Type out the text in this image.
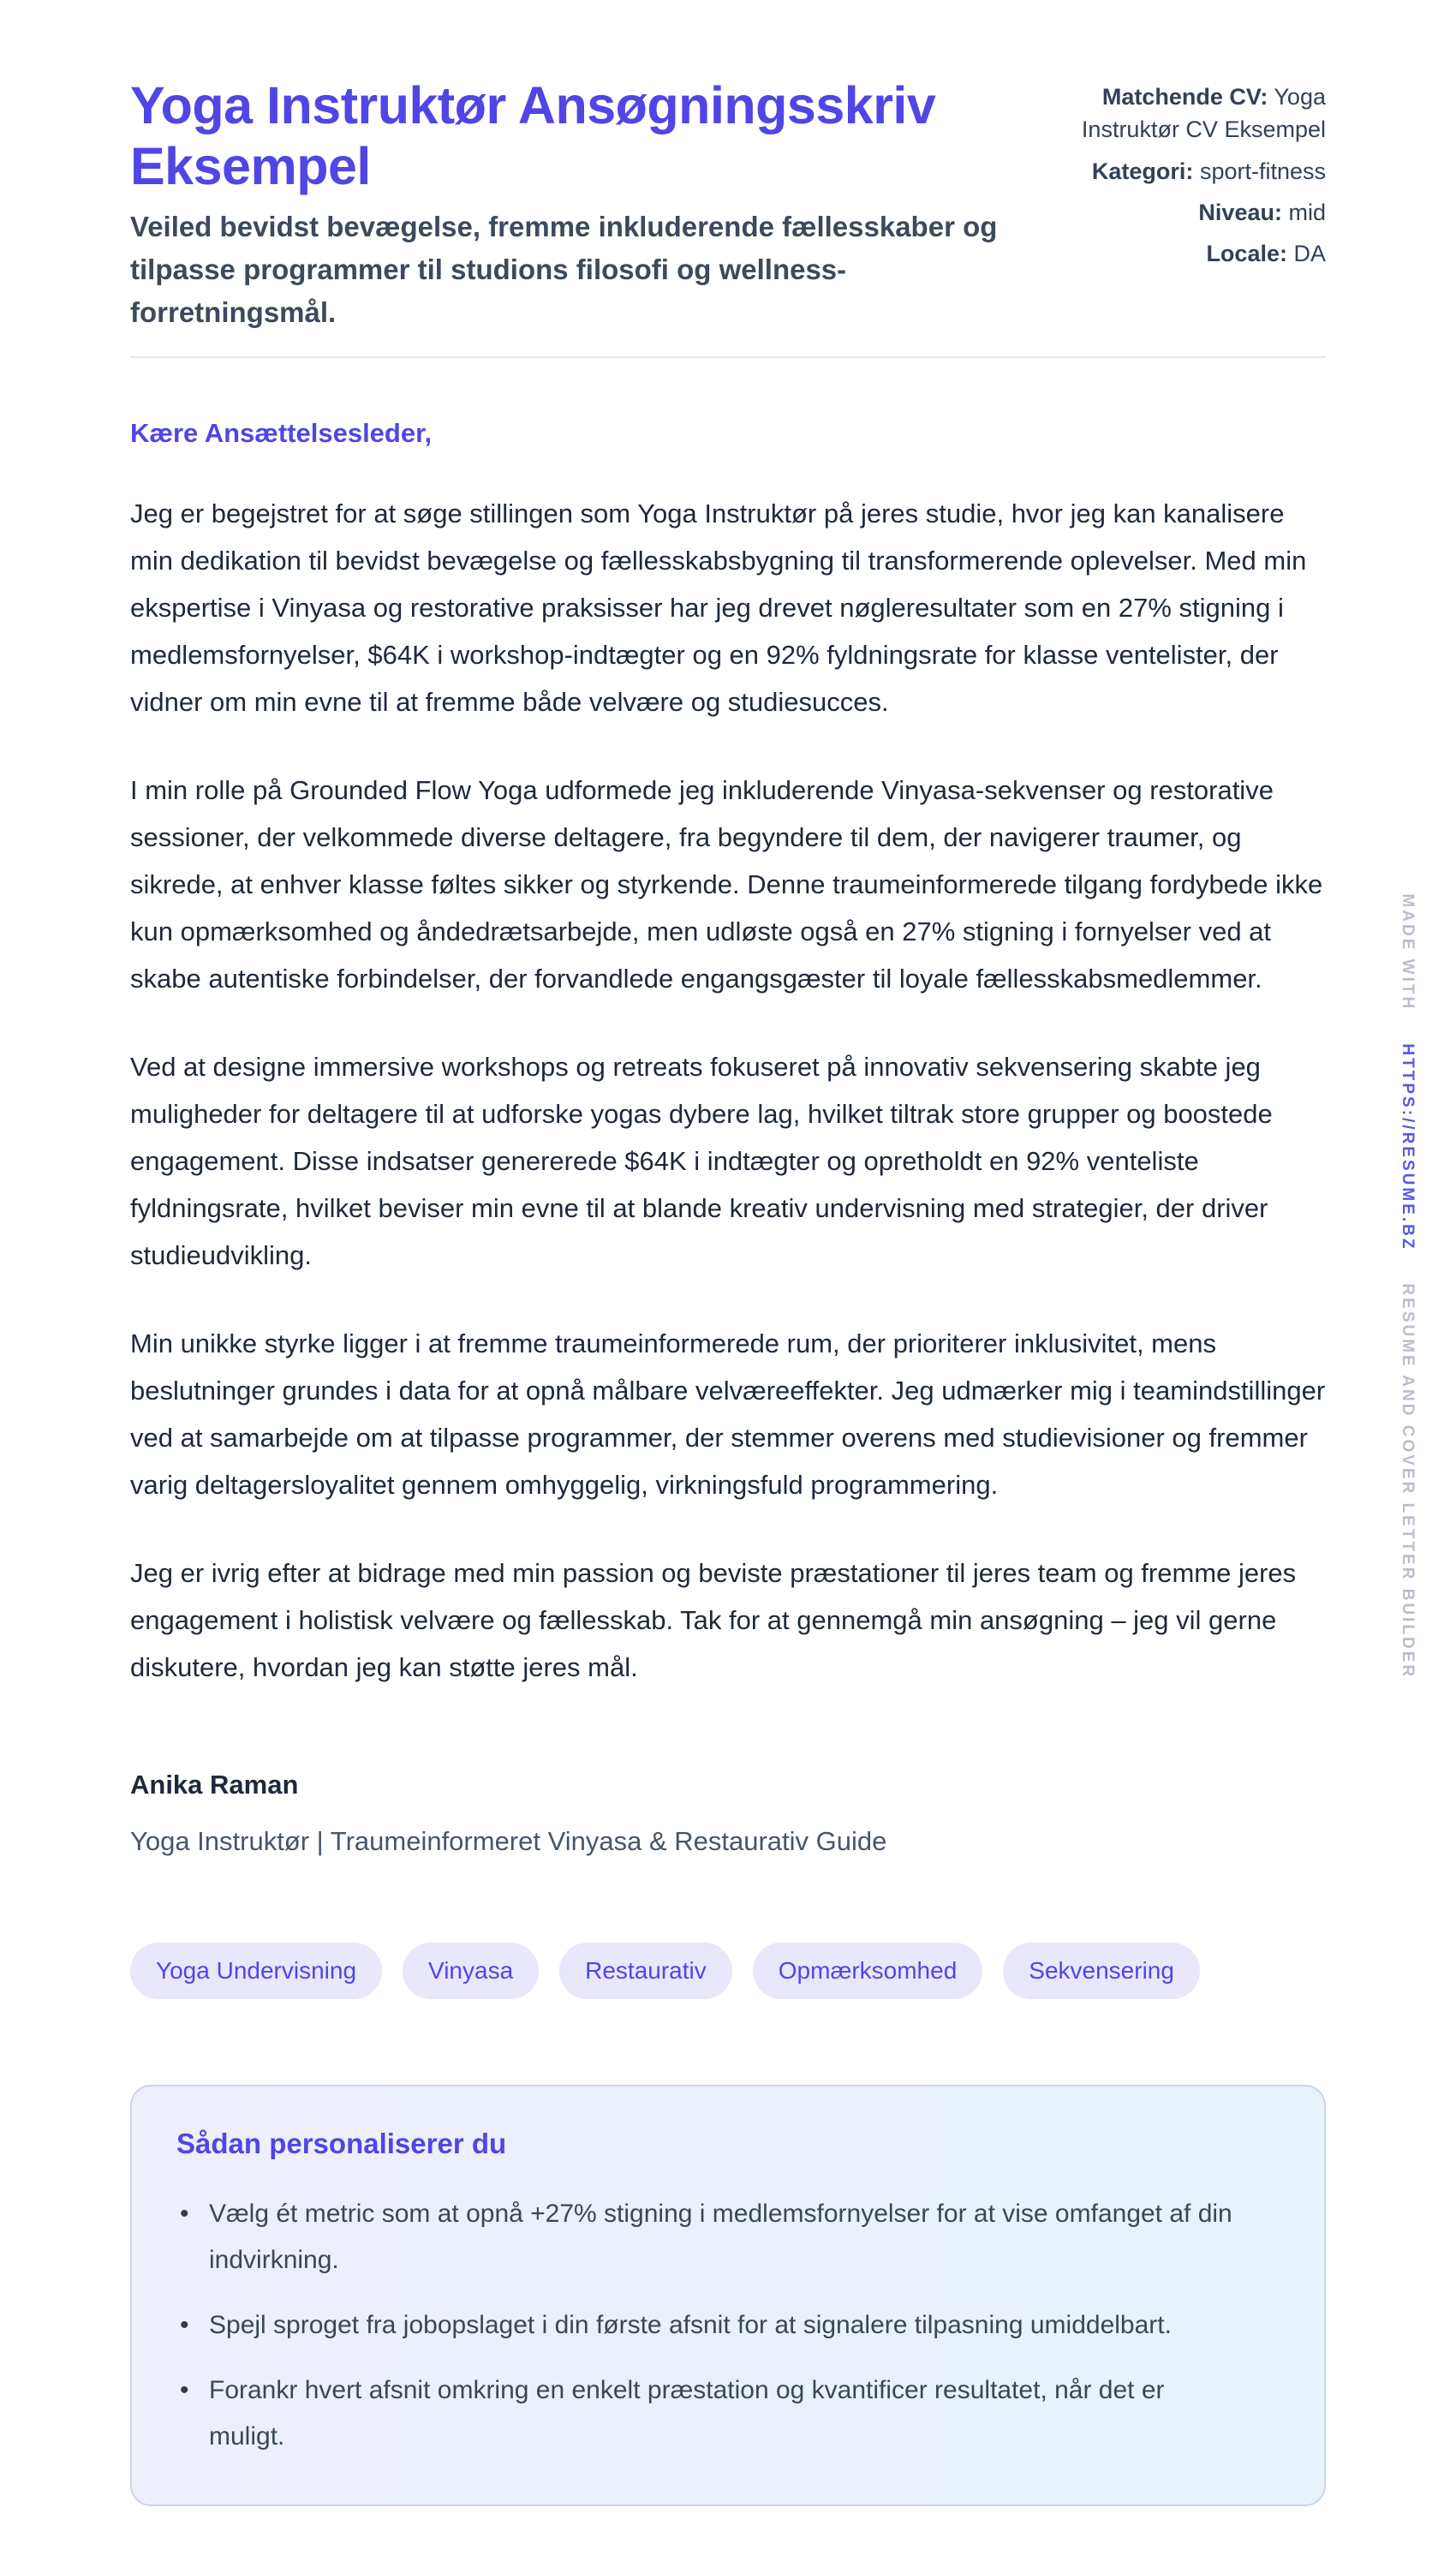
Yoga Instruktør Ansøgningsskriv Eksempel

Veiled bevidst bevægelse, fremme inkluderende fællesskaber og tilpasse programmer til studions filosofi og wellness-forretningsmål.

Matchende CV: Yoga Instruktør CV Eksempel
Kategori: sport-fitness
Niveau: mid
Locale: DA

Kære Ansættelsesleder,

Jeg er begejstret for at søge stillingen som Yoga Instruktør på jeres studie, hvor jeg kan kanalisere min dedikation til bevidst bevægelse og fællesskabsbygning til transformerende oplevelser. Med min ekspertise i Vinyasa og restorative praksisser har jeg drevet nøgleresultater som en 27% stigning i medlemsfornyelser, $64K i workshop-indtægter og en 92% fyldningsrate for klasse ventelister, der vidner om min evne til at fremme både velvære og studiesucces.

I min rolle på Grounded Flow Yoga udformede jeg inkluderende Vinyasa-sekvenser og restorative sessioner, der velkommede diverse deltagere, fra begyndere til dem, der navigerer traumer, og sikrede, at enhver klasse føltes sikker og styrkende. Denne traumeinformerede tilgang fordybede ikke kun opmærksomhed og åndedrætsarbejde, men udløste også en 27% stigning i fornyelser ved at skabe autentiske forbindelser, der forvandlede engangsgæster til loyale fællesskabsmedlemmer.

Ved at designe immersive workshops og retreats fokuseret på innovativ sekvensering skabte jeg muligheder for deltagere til at udforske yogas dybere lag, hvilket tiltrak store grupper og boostede engagement. Disse indsatser genererede $64K i indtægter og opretholdt en 92% venteliste fyldningsrate, hvilket beviser min evne til at blande kreativ undervisning med strategier, der driver studieudvikling.

Min unikke styrke ligger i at fremme traumeinformerede rum, der prioriterer inklusivitet, mens beslutninger grundes i data for at opnå målbare velværeeffekter. Jeg udmærker mig i teamindstillinger ved at samarbejde om at tilpasse programmer, der stemmer overens med studievisioner og fremmer varig deltagersloyalitet gennem omhyggelig, virkningsfuld programmering.

Jeg er ivrig efter at bidrage med min passion og beviste præstationer til jeres team og fremme jeres engagement i holistisk velvære og fællesskab. Tak for at gennemgå min ansøgning – jeg vil gerne diskutere, hvordan jeg kan støtte jeres mål.

Anika Raman

Yoga Instruktør | Traumeinformeret Vinyasa & Restaurativ Guide

Yoga Undervisning	Vinyasa	Restaurativ	Opmærksomhed	Sekvensering
Sådan personaliserer du
• Vælg ét metric som at opnå +27% stigning i medlemsfornyelser for at vise omfanget af din indvirkning.
• Spejl sproget fra jobopslaget i din første afsnit for at signalere tilpasning umiddelbart.
• Forankr hvert afsnit omkring en enkelt præstation og kvantificer resultatet, når det er muligt.
MADE WITH HTTPS://RESUME.BZ RESUME AND COVER LETTER BUILDER
